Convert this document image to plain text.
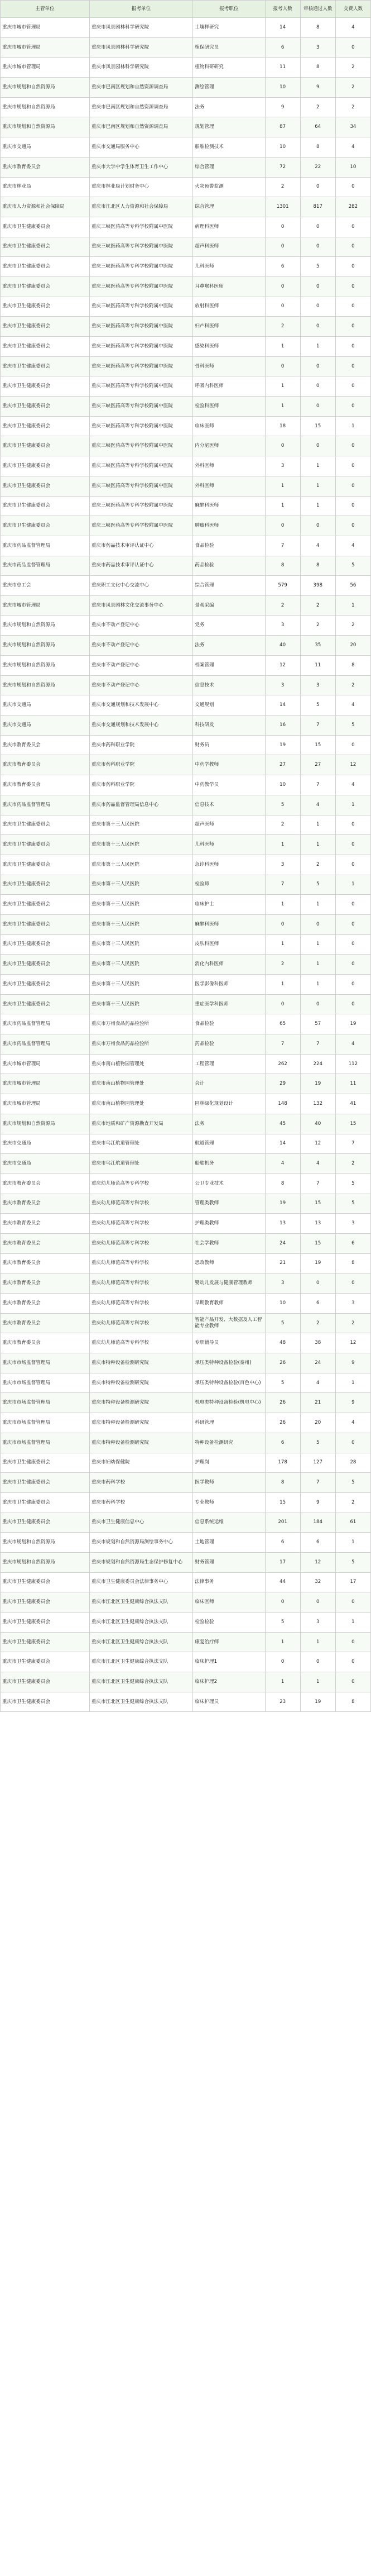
主管单位	报考单位	报考职位	报考人数	审核通过人数	交费人数
重庆市城市管理局	重庆市风景园林科学研究院	土壤样研究	14	8	4
重庆市城市管理局	重庆市风景园林科学研究院	植保研究员	6	3	0
重庆市城市管理局	重庆市风景园林科学研究院	植物科研研究	11	8	2
重庆市规划和自然资源局	重庆市巴南区规划和自然资源调查局	测绘管理	10	9	2
重庆市规划和自然资源局	重庆市巴南区规划和自然资源调查局	法务	9	2	2
重庆市规划和自然资源局	重庆市巴南区规划和自然资源调查局	规划管理	87	64	34
重庆市交通局	重庆市交通局服务中心	船舶检测技术	10	8	4
重庆市教育委员会	重庆市大学中学生体育卫生工作中心	综合管理	72	22	10
重庆市林业局	重庆市林业局计划财务中心	火灾预警监测	2	0	0
重庆市人力资源和社会保障局	重庆市江北区人力资源和社会保障局	综合管理	1301	817	282
重庆市卫生健康委员会	重庆三峡医药高等专科学校附属中医院	病理科医师	0	0	0
重庆市卫生健康委员会	重庆三峡医药高等专科学校附属中医院	超声科医师	0	0	0
重庆市卫生健康委员会	重庆三峡医药高等专科学校附属中医院	儿科医师	6	5	0
重庆市卫生健康委员会	重庆三峡医药高等专科学校附属中医院	耳鼻喉科医师	0	0	0
重庆市卫生健康委员会	重庆三峡医药高等专科学校附属中医院	放射科医师	0	0	0
重庆市卫生健康委员会	重庆三峡医药高等专科学校附属中医院	妇产科医师	2	0	0
重庆市卫生健康委员会	重庆三峡医药高等专科学校附属中医院	感染科医师	1	1	0
重庆市卫生健康委员会	重庆三峡医药高等专科学校附属中医院	骨科医师	0	0	0
重庆市卫生健康委员会	重庆三峡医药高等专科学校附属中医院	呼吸内科医师	1	0	0
重庆市卫生健康委员会	重庆三峡医药高等专科学校附属中医院	检验科医师	1	0	0
重庆市卫生健康委员会	重庆三峡医药高等专科学校附属中医院	临床医师	18	15	1
重庆市卫生健康委员会	重庆三峡医药高等专科学校附属中医院	内分泌医师	0	0	0
重庆市卫生健康委员会	重庆三峡医药高等专科学校附属中医院	外科医师	3	1	0
重庆市卫生健康委员会	重庆三峡医药高等专科学校附属中医院	外科医师	1	1	0
重庆市卫生健康委员会	重庆三峡医药高等专科学校附属中医院	麻醉科医师	1	1	0
重庆市卫生健康委员会	重庆三峡医药高等专科学校附属中医院	肿瘤科医师	0	0	0
重庆市药品监督管理局	重庆市药品技术审评认证中心	食品检验	7	4	4
重庆市药品监督管理局	重庆市药品技术审评认证中心	药品检验	8	8	5
重庆市总工会	重庆职工文化中心交流中心	综合管理	579	398	56
重庆市城市管理局	重庆市风景园林文化交流事务中心	景观采编	2	2	1
重庆市规划和自然资源局	重庆市不动产登记中心	党务	3	2	2
重庆市规划和自然资源局	重庆市不动产登记中心	法务	40	35	20
重庆市规划和自然资源局	重庆市不动产登记中心	档案管理	12	11	8
重庆市规划和自然资源局	重庆市不动产登记中心	信息技术	3	3	2
重庆市交通局	重庆市交通规划和技术发展中心	交通规划	14	5	4
重庆市交通局	重庆市交通规划和技术发展中心	科技研发	16	7	5
重庆市教育委员会	重庆市药科职业学院	财务员	19	15	0
重庆市教育委员会	重庆市药科职业学院	中药学教师	27	27	12
重庆市教育委员会	重庆市药科职业学院	中药教学员	10	7	4
重庆市药品监督管理局	重庆市药品监督管理局信息中心	信息技术	5	4	1
重庆市卫生健康委员会	重庆市第十三人民医院	超声医师	2	1	0
重庆市卫生健康委员会	重庆市第十三人民医院	儿科医师	1	1	0
重庆市卫生健康委员会	重庆市第十三人民医院	急诊科医师	3	2	0
重庆市卫生健康委员会	重庆市第十三人民医院	检验师	7	5	1
重庆市卫生健康委员会	重庆市第十三人民医院	临床护士	1	1	0
重庆市卫生健康委员会	重庆市第十三人民医院	麻醉科医师	0	0	0
重庆市卫生健康委员会	重庆市第十三人民医院	皮肤科医师	1	1	0
重庆市卫生健康委员会	重庆市第十三人民医院	消化内科医师	2	1	0
重庆市卫生健康委员会	重庆市第十三人民医院	医学影像科医师	1	1	0
重庆市卫生健康委员会	重庆市第十三人民医院	重症医学科医师	0	0	0
重庆市药品监督管理局	重庆市万州食品药品检验所	食品检验	65	57	19
重庆市药品监督管理局	重庆市万州食品药品检验所	药品检验	7	7	4
重庆市城市管理局	重庆市南山植物园管理处	工程管理	262	224	112
重庆市城市管理局	重庆市南山植物园管理处	会计	29	19	11
重庆市城市管理局	重庆市南山植物园管理处	园林绿化规划设计	148	132	41
重庆市规划和自然资源局	重庆市地质和矿产资源勘查开发局	法务	45	40	15
重庆市交通局	重庆市乌江航道管理处	航道管理	14	12	7
重庆市交通局	重庆市乌江航道管理处	船舶机务	4	4	2
重庆市教育委员会	重庆幼儿师范高等专科学校	公卫专业技术	8	7	5
重庆市教育委员会	重庆幼儿师范高等专科学校	管理类教师	19	15	5
重庆市教育委员会	重庆幼儿师范高等专科学校	护理类教师	13	13	3
重庆市教育委员会	重庆幼儿师范高等专科学校	社会学教师	24	15	6
重庆市教育委员会	重庆幼儿师范高等专科学校	思政教师	21	19	8
重庆市教育委员会	重庆幼儿师范高等专科学校	婴幼儿发展与健康管理教师	3	0	0
重庆市教育委员会	重庆幼儿师范高等专科学校	早期教育教师	10	6	3
重庆市教育委员会	重庆幼儿师范高等专科学校	智能产品开发、大数据及人工智能专业教师	5	2	2
重庆市教育委员会	重庆幼儿师范高等专科学校	专职辅导员	48	38	12
重庆市市场监督管理局	重庆市特种设备检测研究院	承压类特种设备检验(泰州)	26	24	9
重庆市市场监督管理局	重庆市特种设备检测研究院	承压类特种设备检验(百色中心)	5	4	1
重庆市市场监督管理局	重庆市特种设备检测研究院	机电类特种设备检验(机电中心)	26	21	9
重庆市市场监督管理局	重庆市特种设备检测研究院	科研管理	26	20	4
重庆市市场监督管理局	重庆市特种设备检测研究院	特种设备检测研究	6	5	0
重庆市卫生健康委员会	重庆市妇幼保健院	护理岗	178	127	28
重庆市卫生健康委员会	重庆市药科学校	医学教师	8	7	5
重庆市卫生健康委员会	重庆市药科学校	专业教师	15	9	2
重庆市卫生健康委员会	重庆市卫生健康信息中心	信息系统运维	201	184	61
重庆市规划和自然资源局	重庆市规划和自然资源局测绘事务中心	土地管理	6	6	1
重庆市规划和自然资源局	重庆市规划和自然资源局生态保护修复中心	财务管理	17	12	5
重庆市卫生健康委员会	重庆市卫生健康委员会法律事务中心	法律事务	44	32	17
重庆市卫生健康委员会	重庆市江北区卫生健康综合执法支队	临床医师	0	0	0
重庆市卫生健康委员会	重庆市江北区卫生健康综合执法支队	检验检验	5	3	1
重庆市卫生健康委员会	重庆市江北区卫生健康综合执法支队	康复治疗师	1	1	0
重庆市卫生健康委员会	重庆市江北区卫生健康综合执法支队	临床护理1	0	0	0
重庆市卫生健康委员会	重庆市江北区卫生健康综合执法支队	临床护理2	1	1	0
重庆市卫生健康委员会	重庆市江北区卫生健康综合执法支队	临床护理员	23	19	8
